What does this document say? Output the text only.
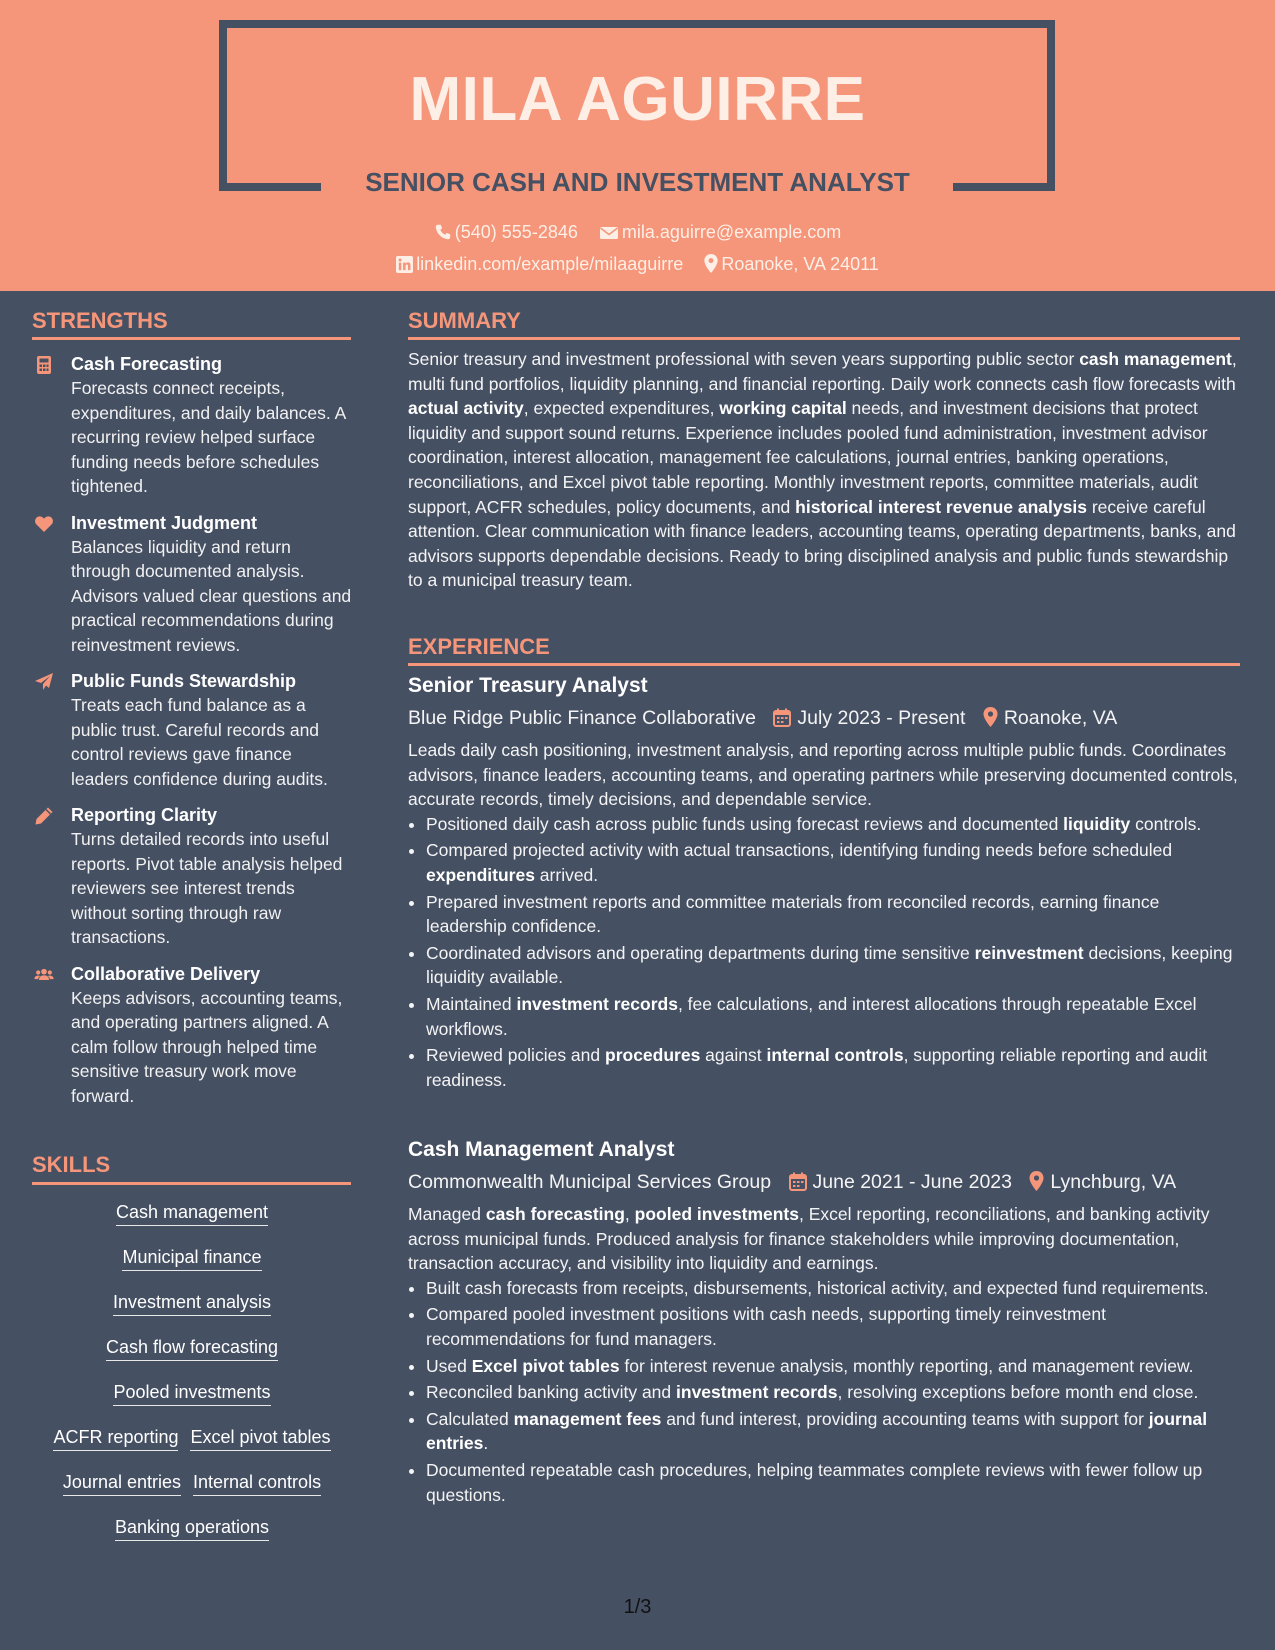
MILA AGUIRRE
SENIOR CASH AND INVESTMENT ANALYST
(540) 555-2846 mila.aguirre@example.com
linkedin.com/example/milaaguirre Roanoke, VA 24011
STRENGTHS
Cash Forecasting
Forecasts connect receipts, expenditures, and daily balances. A recurring review helped surface funding needs before schedules tightened.
Investment Judgment
Balances liquidity and return through documented analysis. Advisors valued clear questions and practical recommendations during reinvestment reviews.
Public Funds Stewardship
Treats each fund balance as a public trust. Careful records and control reviews gave finance leaders confidence during audits.
Reporting Clarity
Turns detailed records into useful reports. Pivot table analysis helped reviewers see interest trends without sorting through raw transactions.
Collaborative Delivery
Keeps advisors, accounting teams, and operating partners aligned. A calm follow through helped time sensitive treasury work move forward.
SKILLS
Cash management
Municipal finance
Investment analysis
Cash flow forecasting
Pooled investments
ACFR reporting Excel pivot tables
Journal entries Internal controls
Banking operations
SUMMARY
Senior treasury and investment professional with seven years supporting public sector cash management, multi fund portfolios, liquidity planning, and financial reporting. Daily work connects cash flow forecasts with actual activity, expected expenditures, working capital needs, and investment decisions that protect liquidity and support sound returns. Experience includes pooled fund administration, investment advisor coordination, interest allocation, management fee calculations, journal entries, banking operations, reconciliations, and Excel pivot table reporting. Monthly investment reports, committee materials, audit support, ACFR schedules, policy documents, and historical interest revenue analysis receive careful attention. Clear communication with finance leaders, accounting teams, operating departments, banks, and advisors supports dependable decisions. Ready to bring disciplined analysis and public funds stewardship to a municipal treasury team.
EXPERIENCE
Senior Treasury Analyst
Blue Ridge Public Finance Collaborative July 2023 - Present Roanoke, VA
Leads daily cash positioning, investment analysis, and reporting across multiple public funds. Coordinates advisors, finance leaders, accounting teams, and operating partners while preserving documented controls, accurate records, timely decisions, and dependable service.
• Positioned daily cash across public funds using forecast reviews and documented liquidity controls.
• Compared projected activity with actual transactions, identifying funding needs before scheduled expenditures arrived.
• Prepared investment reports and committee materials from reconciled records, earning finance leadership confidence.
• Coordinated advisors and operating departments during time sensitive reinvestment decisions, keeping liquidity available.
• Maintained investment records, fee calculations, and interest allocations through repeatable Excel workflows.
• Reviewed policies and procedures against internal controls, supporting reliable reporting and audit readiness.
Cash Management Analyst
Commonwealth Municipal Services Group June 2021 - June 2023 Lynchburg, VA
Managed cash forecasting, pooled investments, Excel reporting, reconciliations, and banking activity across municipal funds. Produced analysis for finance stakeholders while improving documentation, transaction accuracy, and visibility into liquidity and earnings.
• Built cash forecasts from receipts, disbursements, historical activity, and expected fund requirements.
• Compared pooled investment positions with cash needs, supporting timely reinvestment recommendations for fund managers.
• Used Excel pivot tables for interest revenue analysis, monthly reporting, and management review.
• Reconciled banking activity and investment records, resolving exceptions before month end close.
• Calculated management fees and fund interest, providing accounting teams with support for journal entries.
• Documented repeatable cash procedures, helping teammates complete reviews with fewer follow up questions.
1/3
